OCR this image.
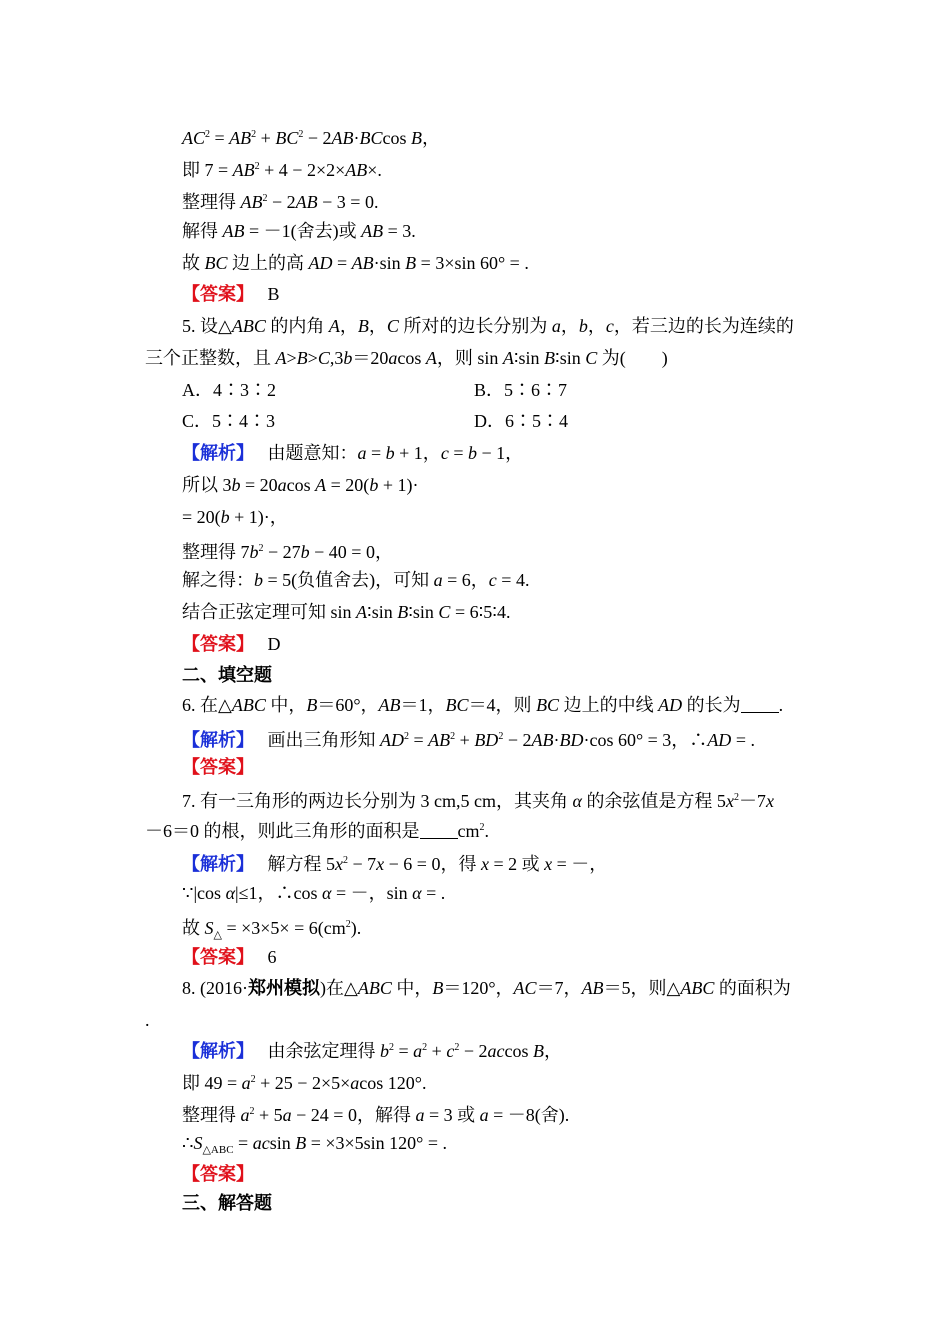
$AC^2 = AB^2 + BC^2 - 2AB\cdot BCcos$ B，
即 $7 = AB^2 + 4 - 2\times 2\times AB\times$.
整理得 $AB^2 - 2AB - 3 = 0$.
解得 AB = －1(舍去)或 AB = 3.
故 BC 边上的高 AD = AB·sin B = 3×sin 60° = .
【答案】　 B
5. 设△ABC 的内角 A，B，C 所对的边长分别为 a，b，c，若三边的长为连续的
三个正整数，且 A>B>C,3b＝20acos A，则 sin A∶sin B∶sin C 为(　　)
A．4∶3∶2	B．5∶6∶7
C．5∶4∶3	D．6∶5∶4
【解析】　 由题意知：a = b + 1，c = b − 1，
所以 3b = 20acos A = 20(b + 1)·
= 20(b + 1)·，
整理得 $7b^2 - 27b - 40 = 0$，
解之得：b = 5(负值舍去)，可知 a = 6，c = 4.
结合正弦定理可知 sin A∶sin B∶sin C = 6∶5∶4.
【答案】　 D
二、填空题
6. 在△ABC 中，B＝60°，AB＝1，BC＝4，则 BC 边上的中线 AD 的长为 .
【解析】　 画出三角形知 $AD^2 = AB^2 + BD^2 - 2AB\cdot BD\cdot\cos$ 60° = 3，∴AD = .
【答案】
7. 有一三角形的两边长分别为 3 cm,5 cm，其夹角 α 的余弦值是方程 $5x^2-7x$
－6＝0 的根，则此三角形的面积是 $cm^2$.
【解析】　 解方程 $5x^2 - 7x - 6 = 0$，得 x = 2 或 x = －，
∵|cos α|≤1，∴cos α = －，sin α = .
故 $S_\triangle = \times 3\times 5\times = 6(cm^2)$.
【答案】　 6
8. (2016·郑州模拟)在△ABC 中，B＝120°，AC＝7，AB＝5，则△ABC 的面积为
.
【解析】　 由余弦定理得 $b^2 = a^2 + c^2 - 2accos$ B，
即 $49 = a^2 + 25 - 2\times 5\times acos$ 120°.
整理得 $a^2 + 5a - 24 = 0$，解得 a = 3 或 a = －8(舍).
$\therefore S_{\triangle ABC} = acsin$ B = ×3×5sin 120° = .
【答案】
三、解答题
